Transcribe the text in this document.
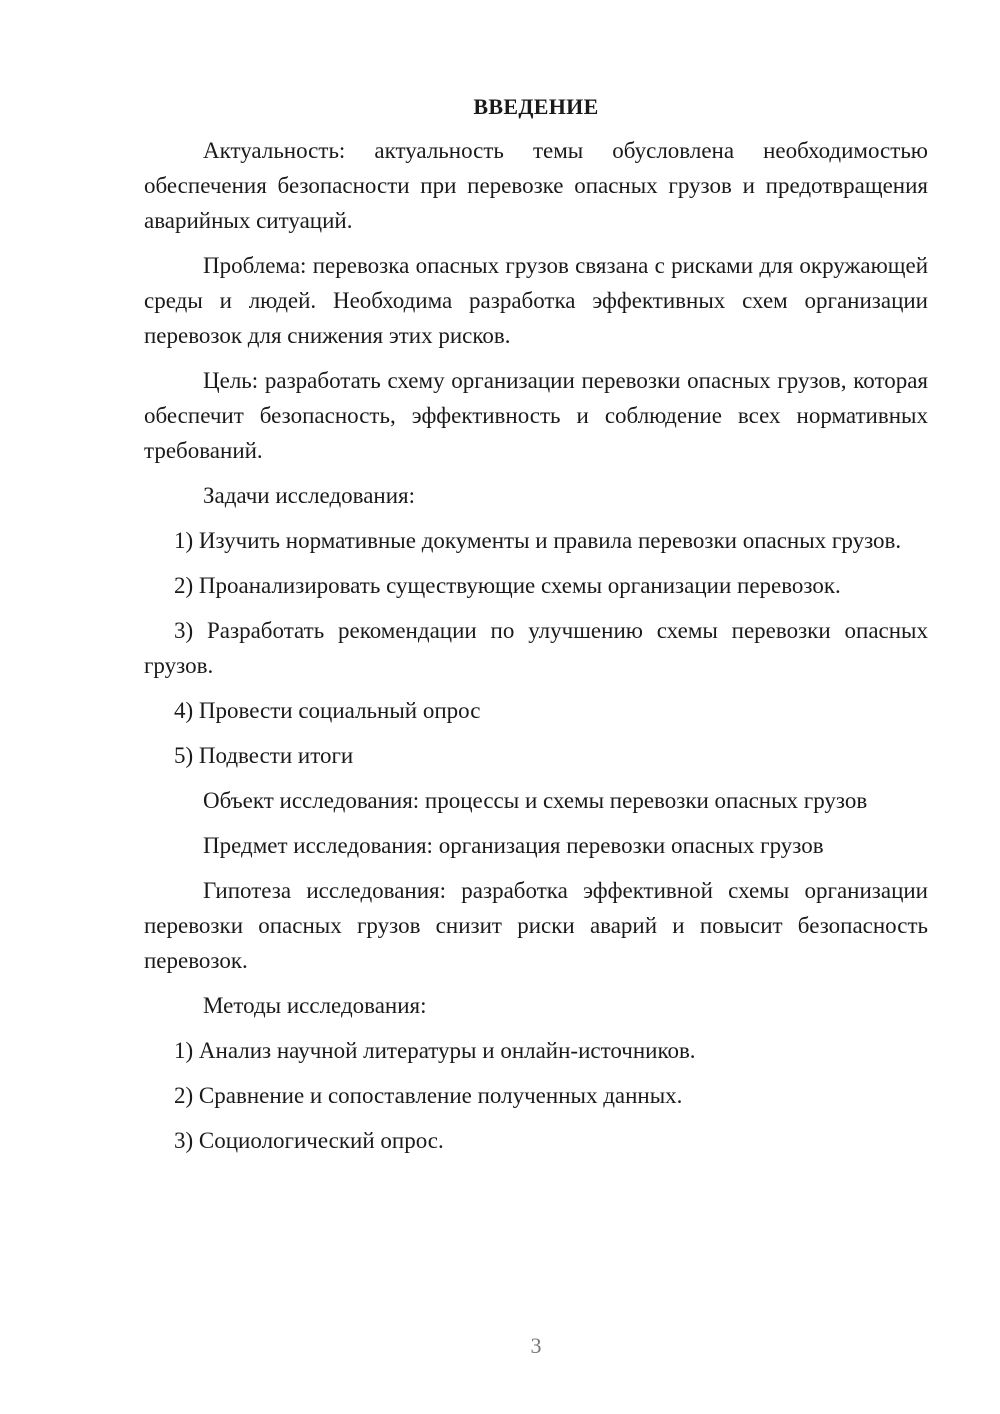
ВВЕДЕНИЕ

Актуальность: актуальность темы обусловлена необходимостью обеспечения безопасности при перевозке опасных грузов и предотвращения аварийных ситуаций.

Проблема: перевозка опасных грузов связана с рисками для окружающей среды и людей. Необходима разработка эффективных схем организации перевозок для снижения этих рисков.

Цель: разработать схему организации перевозки опасных грузов, которая обеспечит безопасность, эффективность и соблюдение всех нормативных требований.

Задачи исследования:

1) Изучить нормативные документы и правила перевозки опасных грузов.

2) Проанализировать существующие схемы организации перевозок.

3) Разработать рекомендации по улучшению схемы перевозки опасных грузов.

4) Провести социальный опрос

5) Подвести итоги

Объект исследования: процессы и схемы перевозки опасных грузов

Предмет исследования: организация перевозки опасных грузов

Гипотеза исследования: разработка эффективной схемы организации перевозки опасных грузов снизит риски аварий и повысит безопасность перевозок.

Методы исследования:

1) Анализ научной литературы и онлайн-источников.

2) Сравнение и сопоставление полученных данных.

3) Социологический опрос.

3
